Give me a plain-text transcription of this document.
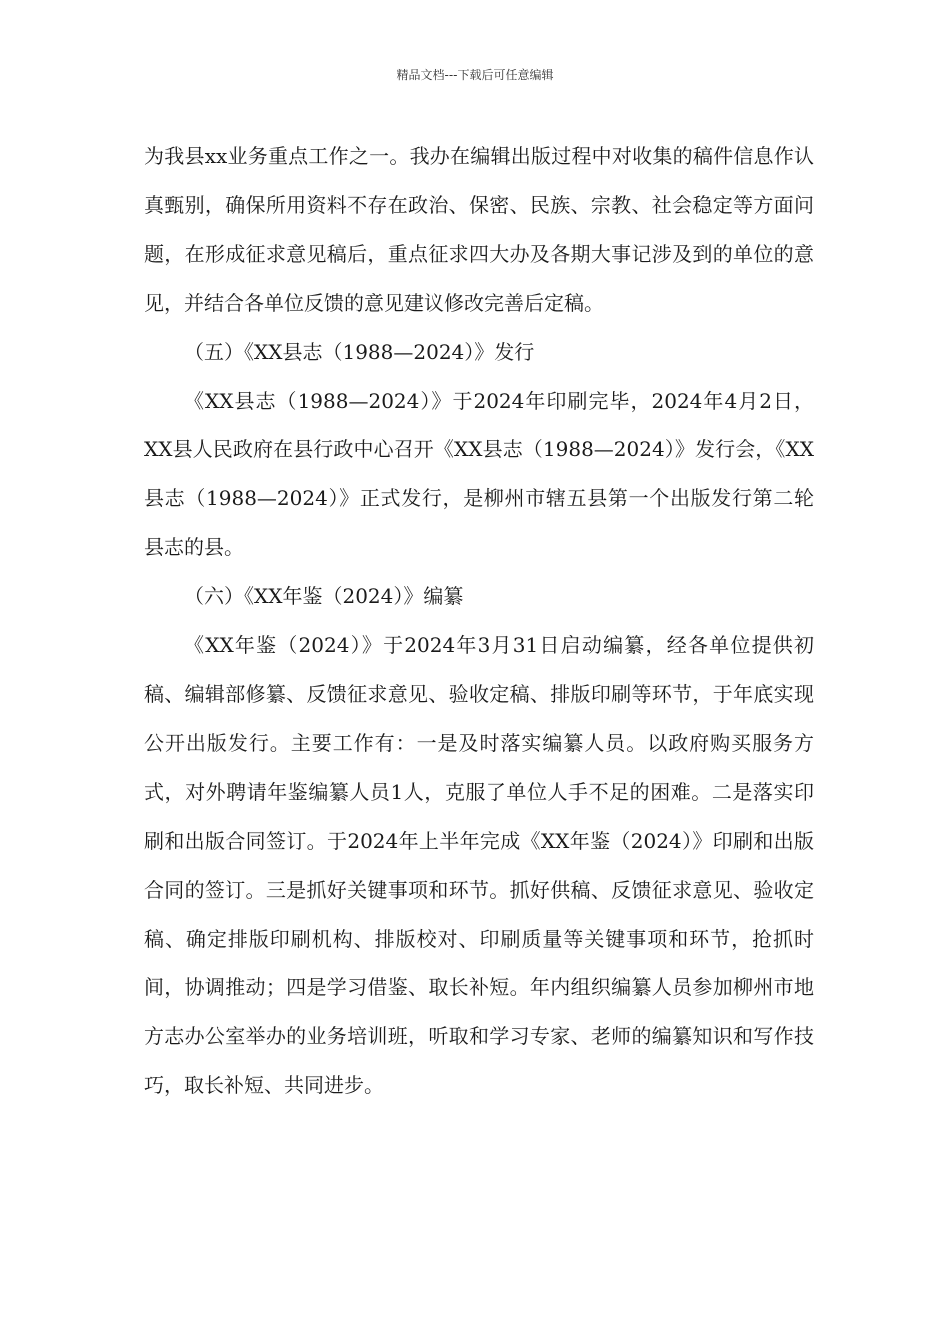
精品文档---下载后可任意编辑

为我县xx业务重点工作之一。我办在编辑出版过程中对收集的稿件信息作认真甄别，确保所用资料不存在政治、保密、民族、宗教、社会稳定等方面问题，在形成征求意见稿后，重点征求四大办及各期大事记涉及到的单位的意见，并结合各单位反馈的意见建议修改完善后定稿。

（五）《XX县志（1988—2024）》发行

《XX县志（1988—2024）》于2024年印刷完毕，2024年4月2日，XX县人民政府在县行政中心召开《XX县志（1988—2024）》发行会，《XX县志（1988—2024）》正式发行，是柳州市辖五县第一个出版发行第二轮县志的县。

（六）《XX年鉴（2024）》编纂

《XX年鉴（2024）》于2024年3月31日启动编纂，经各单位提供初稿、编辑部修纂、反馈征求意见、验收定稿、排版印刷等环节，于年底实现公开出版发行。主要工作有：一是及时落实编纂人员。以政府购买服务方式，对外聘请年鉴编纂人员1人，克服了单位人手不足的困难。二是落实印刷和出版合同签订。于2024年上半年完成《XX年鉴（2024）》印刷和出版合同的签订。三是抓好关键事项和环节。抓好供稿、反馈征求意见、验收定稿、确定排版印刷机构、排版校对、印刷质量等关键事项和环节，抢抓时间，协调推动；四是学习借鉴、取长补短。年内组织编纂人员参加柳州市地方志办公室举办的业务培训班，听取和学习专家、老师的编纂知识和写作技巧，取长补短、共同进步。
